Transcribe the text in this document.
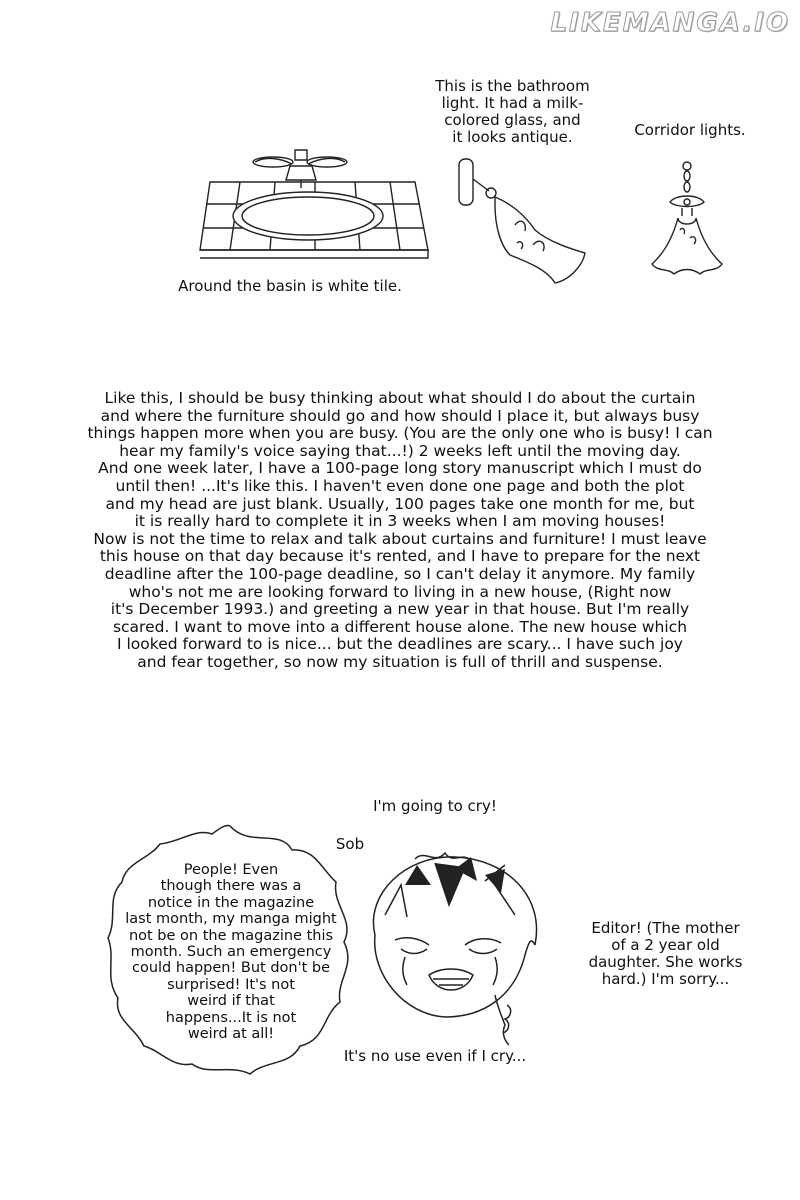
LIKEMANGA.IO
This is the bathroom
light. It had a milk-
colored glass, and
it looks antique.	Corridor lights.
Around the basin is white tile.
Like this, I should be busy thinking about what should I do about the curtain
and where the furniture should go and how should I place it, but always busy
things happen more when you are busy. (You are the only one who is busy! I can
hear my family's voice saying that...!) 2 weeks left until the moving day.
And one week later, I have a 100-page long story manuscript which I must do
until then! ...It's like this. I haven't even done one page and both the plot
and my head are just blank. Usually, 100 pages take one month for me, but
it is really hard to complete it in 3 weeks when I am moving houses!
Now is not the time to relax and talk about curtains and furniture! I must leave
this house on that day because it's rented, and I have to prepare for the next
deadline after the 100-page deadline, so I can't delay it anymore. My family
who's not me are looking forward to living in a new house, (Right now
it's December 1993.) and greeting a new year in that house. But I'm really
scared. I want to move into a different house alone. The new house which
I looked forward to is nice... but the deadlines are scary... I have such joy
and fear together, so now my situation is full of thrill and suspense.
I'm going to cry!
Sob
People! Even
though there was a
notice in the magazine
last month, my manga might
not be on the magazine this
month. Such an emergency
could happen! But don't be
surprised! It's not
weird if that
happens...It is not
weird at all!
Editor! (The mother
of a 2 year old
daughter. She works
hard.) I'm sorry...
It's no use even if I cry...
